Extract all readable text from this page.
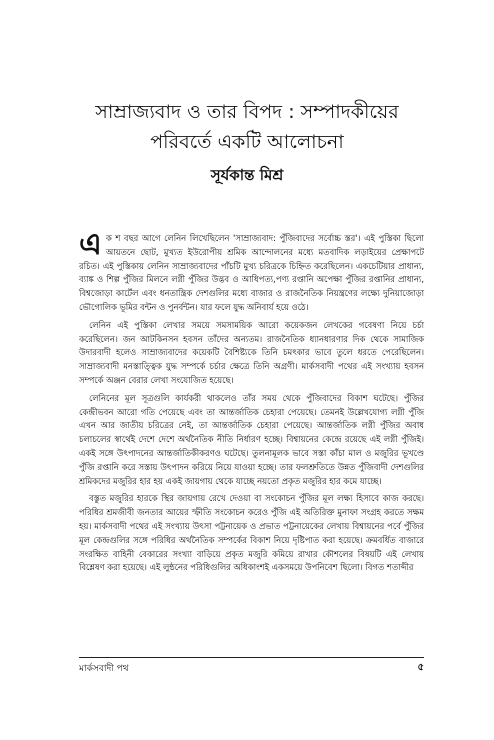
সাম্রাজ্যবাদ ও তার বিপদ : সম্পাদকীয়ের
পরিবর্তে একটি আলোচনা
সূর্যকান্ত মিশ্র

এক শ বছর আগে লেনিন লিখেছিলেন 'সাম্রাজ্যবাদ: পুঁজিবাদের সর্বোচ্চ স্তর'। এই পুস্তিকা ছিলো আয়তনে ছোট, মুখ্যত ইউরোপীয় শ্রমিক আন্দোলনের মধ্যে মতবাদিক লড়াইয়ের প্রেক্ষাপটে রচিত। এই পুস্তিকায় লেনিন সাম্রাজ্যবাদের পাঁচটি মুখ্য চরিত্রকে চিহ্নিত করেছিলেন। একচেটিয়ার প্রাধান্য, ব্যাঙ্ক ও শিল্প পুঁজির মিলনে লগ্নী পুঁজির উদ্ভব ও আধিপত্য,পণ্য রপ্তানি অপেক্ষা পুঁজির রপ্তানির প্রাধান্য, বিশ্বজোড়া কার্টেল এবং ধনতান্ত্রিক দেশগুলির মধ্যে বাজার ও রাজনৈতিক নিয়ন্ত্রণের লক্ষ্যে দুনিয়াজোড়া ভৌগোলিক ভূমির বন্টন ও পুনর্বন্টন। যার ফলে যুদ্ধ অনিবার্য হয়ে ওঠে।

লেনিন এই পুস্তিকা লেখার সময়ে সমসাময়িক আরো কয়েকজন লেখকের গবেষণা নিয়ে চর্চা করেছিলেন। জন আটকিনসন হবসন তাঁদের অন্যতম। রাজনৈতিক ধ্যানধারণার দিক থেকে সামাজিক উদারবাদী হলেও সাম্রাজ্যবাদের কয়েকটি বৈশিষ্ট্যকে তিনি চমৎকার ভাবে তুলে ধরতে পেরেছিলেন। সাম্রাজ্যবাদী মনস্তাত্ত্বিক যুদ্ধ সম্পর্কে চর্চার ক্ষেত্রে তিনি অগ্রণী। মার্কসবাদী পথের এই সংখ্যায় হবসন সম্পর্কে অঞ্জন বেরার লেখা সংযোজিত হয়েছে।

লেনিনের মূল সূত্রগুলি কার্যকরী থাকলেও তাঁর সময় থেকে পুঁজিবাদের বিকাশ ঘটেছে। পুঁজির কেন্দ্রীভবন আরো গতি পেয়েছে এবং তা আন্তর্জাতিক চেহারা পেয়েছে। তেমনই উল্লেখযোগ্য লগ্নী পুঁজি এখন আর জাতীয় চরিত্রের নেই, তা আন্তর্জাতিক চেহারা পেয়েছে। আন্তর্জাতিক লগ্নী পুঁজির অবাধ চলাচলের স্বার্থেই দেশে দেশে অর্থনৈতিক নীতি নির্ধারণ হচ্ছে। বিশ্বায়নের কেন্দ্রে রয়েছে এই লগ্নী পুঁজিই। একই সঙ্গে উৎপাদনের আন্তর্জাতিকীকরণও ঘটেছে। তুলনামূলক ভাবে সস্তা কাঁচা মাল ও মজুরির ভূখণ্ডে পুঁজি রপ্তানি করে সস্তায় উৎপাদন করিয়ে নিয়ে যাওয়া হচ্ছে। তার ফলশ্রুতিতে উন্নত পুঁজিবাদী দেশগুলির শ্রমিকদের মজুরির হার হয় একই জায়গায় থেকে যাচ্ছে নয়তো প্রকৃত মজুরির হার কমে যাচ্ছে।

বস্তুত মজুরির হারকে স্থির জায়গায় রেখে দেওয়া বা সংকোচন পুঁজির মূল লক্ষ্য হিসাবে কাজ করছে। পরিধির শ্রমজীবী জনতার আয়ের স্ফীতি সংকোচন করেও পুঁজি এই অতিরিক্ত মুনাফা সংগ্রহ করতে সক্ষম হয়। মার্কসবাদী পথের এই সংখ্যায় উৎসা পট্টনায়েক ও প্রভাত পট্টনায়েকের লেখায় বিশ্বায়নের পর্বে পুঁজির মূল কেন্দ্রগুলির সঙ্গে পরিধির অর্থনৈতিক সম্পর্কের বিকাশ নিয়ে দৃষ্টিপাত করা হয়েছে। ক্রমবর্ধিত বাজারে সংরক্ষিত বাহিনী বেকারের সংখ্যা বাড়িয়ে প্রকৃত মজুরি কমিয়ে রাখার কৌশলের বিষয়টি এই লেখায় বিশ্লেষণ করা হয়েছে। এই লুন্ঠনের পরিধিগুলির অধিকাংশই একসময়ে উপনিবেশ ছিলো। বিগত শতাব্দীর

মার্কসবাদী পথ	৫
